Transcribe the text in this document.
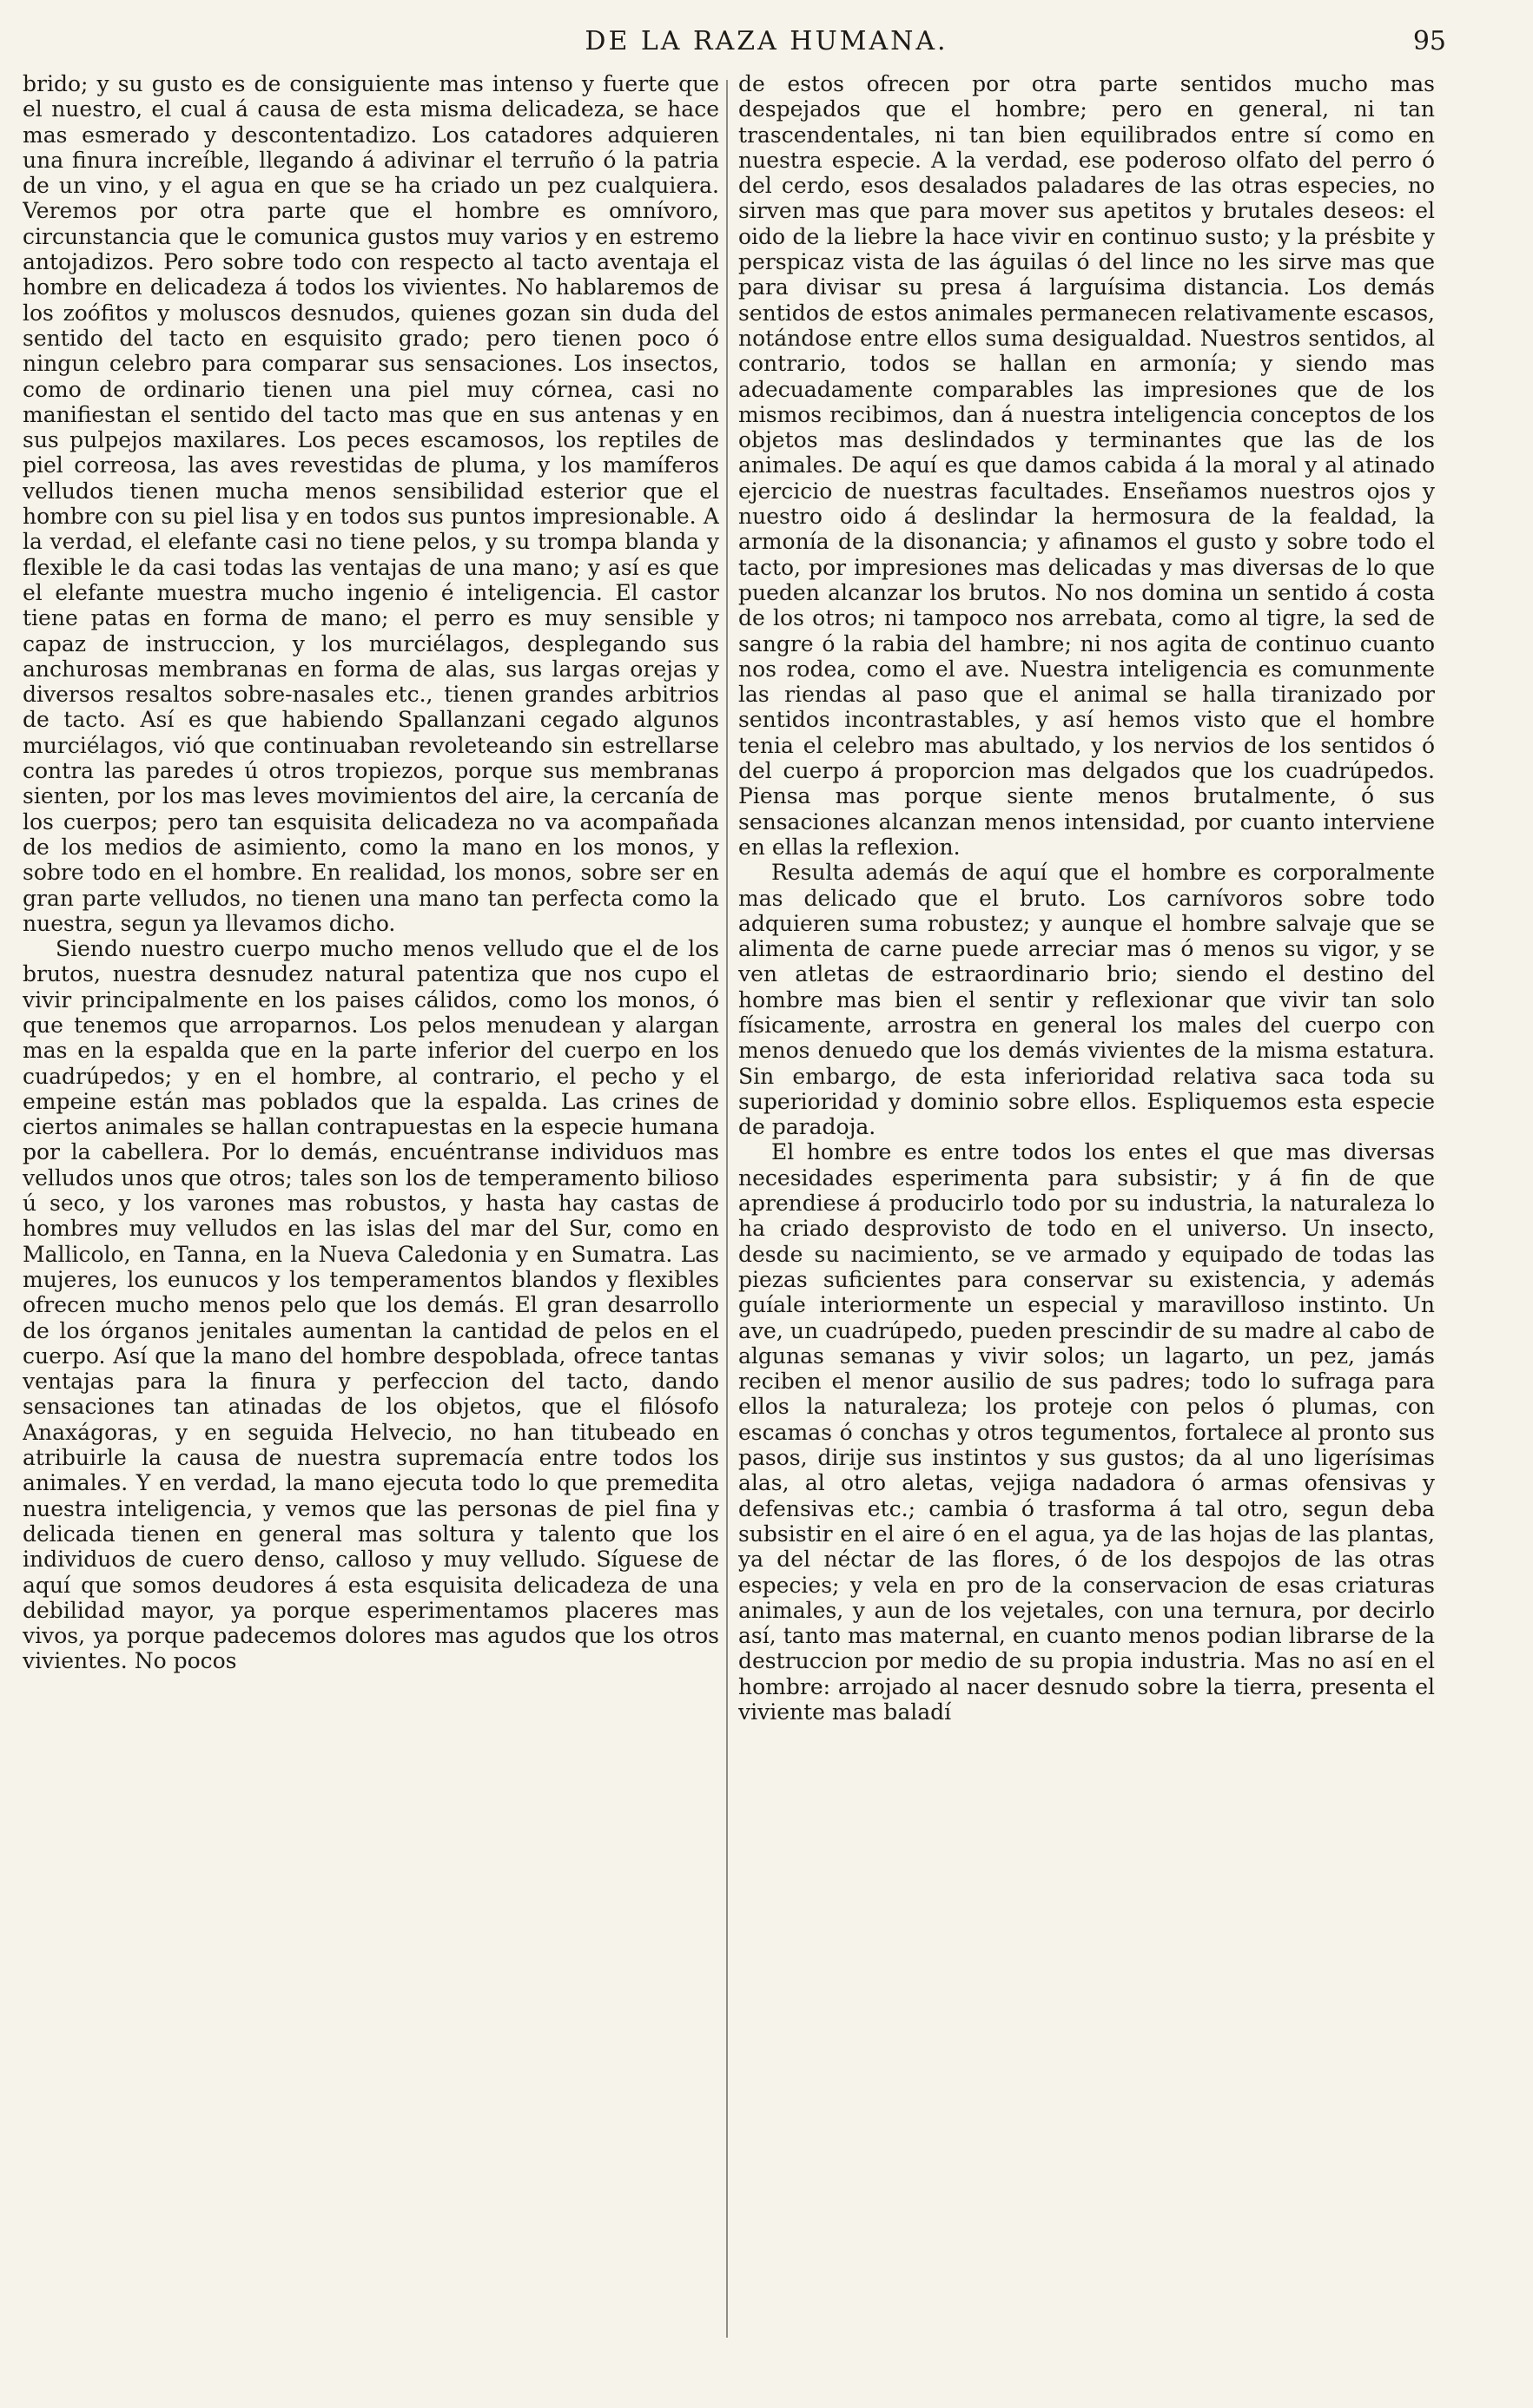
DE LA RAZA HUMANA.	95

brido; y su gusto es de consiguiente mas intenso y fuerte que el nuestro, el cual á causa de esta misma delicadeza, se hace mas esmerado y descontentadizo. Los catadores adquieren una finura increíble, llegando á adivinar el terruño ó la patria de un vino, y el agua en que se ha criado un pez cualquiera. Veremos por otra parte que el hombre es omnívoro, circunstancia que le comunica gustos muy varios y en estremo antojadizos. Pero sobre todo con respecto al tacto aventaja el hombre en delicadeza á todos los vivientes. No hablaremos de los zoófitos y moluscos desnudos, quienes gozan sin duda del sentido del tacto en esquisito grado; pero tienen poco ó ningun celebro para comparar sus sensaciones. Los insectos, como de ordinario tienen una piel muy córnea, casi no manifiestan el sentido del tacto mas que en sus antenas y en sus pulpejos maxilares. Los peces escamosos, los reptiles de piel correosa, las aves revestidas de pluma, y los mamíferos velludos tienen mucha menos sensibilidad esterior que el hombre con su piel lisa y en todos sus puntos impresionable. A la verdad, el elefante casi no tiene pelos, y su trompa blanda y flexible le da casi todas las ventajas de una mano; y así es que el elefante muestra mucho ingenio é inteligencia. El castor tiene patas en forma de mano; el perro es muy sensible y capaz de instruccion, y los murciélagos, desplegando sus anchurosas membranas en forma de alas, sus largas orejas y diversos resaltos sobre-nasales etc., tienen grandes arbitrios de tacto. Así es que habiendo Spallanzani cegado algunos murciélagos, vió que continuaban revoleteando sin estrellarse contra las paredes ú otros tropiezos, porque sus membranas sienten, por los mas leves movimientos del aire, la cercanía de los cuerpos; pero tan esquisita delicadeza no va acompañada de los medios de asimiento, como la mano en los monos, y sobre todo en el hombre. En realidad, los monos, sobre ser en gran parte velludos, no tienen una mano tan perfecta como la nuestra, segun ya llevamos dicho.

Siendo nuestro cuerpo mucho menos velludo que el de los brutos, nuestra desnudez natural patentiza que nos cupo el vivir principalmente en los paises cálidos, como los monos, ó que tenemos que arroparnos. Los pelos menudean y alargan mas en la espalda que en la parte inferior del cuerpo en los cuadrúpedos; y en el hombre, al contrario, el pecho y el empeine están mas poblados que la espalda. Las crines de ciertos animales se hallan contrapuestas en la especie humana por la cabellera. Por lo demás, encuéntranse individuos mas velludos unos que otros; tales son los de temperamento bilioso ú seco, y los varones mas robustos, y hasta hay castas de hombres muy velludos en las islas del mar del Sur, como en Mallicolo, en Tanna, en la Nueva Caledonia y en Sumatra. Las mujeres, los eunucos y los temperamentos blandos y flexibles ofrecen mucho menos pelo que los demás. El gran desarrollo de los órganos jenitales aumentan la cantidad de pelos en el cuerpo. Así que la mano del hombre despoblada, ofrece tantas ventajas para la finura y perfeccion del tacto, dando sensaciones tan atinadas de los objetos, que el filósofo Anaxágoras, y en seguida Helvecio, no han titubeado en atribuirle la causa de nuestra supremacía entre todos los animales. Y en verdad, la mano ejecuta todo lo que premedita nuestra inteligencia, y vemos que las personas de piel fina y delicada tienen en general mas soltura y talento que los individuos de cuero denso, calloso y muy velludo. Síguese de aquí que somos deudores á esta esquisita delicadeza de una debilidad mayor, ya porque esperimentamos placeres mas vivos, ya porque padecemos dolores mas agudos que los otros vivientes. No pocos

de estos ofrecen por otra parte sentidos mucho mas despejados que el hombre; pero en general, ni tan trascendentales, ni tan bien equilibrados entre sí como en nuestra especie. A la verdad, ese poderoso olfato del perro ó del cerdo, esos desalados paladares de las otras especies, no sirven mas que para mover sus apetitos y brutales deseos: el oido de la liebre la hace vivir en continuo susto; y la présbite y perspicaz vista de las águilas ó del lince no les sirve mas que para divisar su presa á larguísima distancia. Los demás sentidos de estos animales permanecen relativamente escasos, notándose entre ellos suma desigualdad. Nuestros sentidos, al contrario, todos se hallan en armonía; y siendo mas adecuadamente comparables las impresiones que de los mismos recibimos, dan á nuestra inteligencia conceptos de los objetos mas deslindados y terminantes que las de los animales. De aquí es que damos cabida á la moral y al atinado ejercicio de nuestras facultades. Enseñamos nuestros ojos y nuestro oido á deslindar la hermosura de la fealdad, la armonía de la disonancia; y afinamos el gusto y sobre todo el tacto, por impresiones mas delicadas y mas diversas de lo que pueden alcanzar los brutos. No nos domina un sentido á costa de los otros; ni tampoco nos arrebata, como al tigre, la sed de sangre ó la rabia del hambre; ni nos agita de continuo cuanto nos rodea, como el ave. Nuestra inteligencia es comunmente las riendas al paso que el animal se halla tiranizado por sentidos incontrastables, y así hemos visto que el hombre tenia el celebro mas abultado, y los nervios de los sentidos ó del cuerpo á proporcion mas delgados que los cuadrúpedos. Piensa mas porque siente menos brutalmente, ó sus sensaciones alcanzan menos intensidad, por cuanto interviene en ellas la reflexion.

Resulta además de aquí que el hombre es corporalmente mas delicado que el bruto. Los carnívoros sobre todo adquieren suma robustez; y aunque el hombre salvaje que se alimenta de carne puede arreciar mas ó menos su vigor, y se ven atletas de estraordinario brio; siendo el destino del hombre mas bien el sentir y reflexionar que vivir tan solo físicamente, arrostra en general los males del cuerpo con menos denuedo que los demás vivientes de la misma estatura. Sin embargo, de esta inferioridad relativa saca toda su superioridad y dominio sobre ellos. Espliquemos esta especie de paradoja.

El hombre es entre todos los entes el que mas diversas necesidades esperimenta para subsistir; y á fin de que aprendiese á producirlo todo por su industria, la naturaleza lo ha criado desprovisto de todo en el universo. Un insecto, desde su nacimiento, se ve armado y equipado de todas las piezas suficientes para conservar su existencia, y además guíale interiormente un especial y maravilloso instinto. Un ave, un cuadrúpedo, pueden prescindir de su madre al cabo de algunas semanas y vivir solos; un lagarto, un pez, jamás reciben el menor ausilio de sus padres; todo lo sufraga para ellos la naturaleza; los proteje con pelos ó plumas, con escamas ó conchas y otros tegumentos, fortalece al pronto sus pasos, dirije sus instintos y sus gustos; da al uno ligerísimas alas, al otro aletas, vejiga nadadora ó armas ofensivas y defensivas etc.; cambia ó trasforma á tal otro, segun deba subsistir en el aire ó en el agua, ya de las hojas de las plantas, ya del néctar de las flores, ó de los despojos de las otras especies; y vela en pro de la conservacion de esas criaturas animales, y aun de los vejetales, con una ternura, por decirlo así, tanto mas maternal, en cuanto menos podian librarse de la destruccion por medio de su propia industria. Mas no así en el hombre: arrojado al nacer desnudo sobre la tierra, presenta el viviente mas baladí
